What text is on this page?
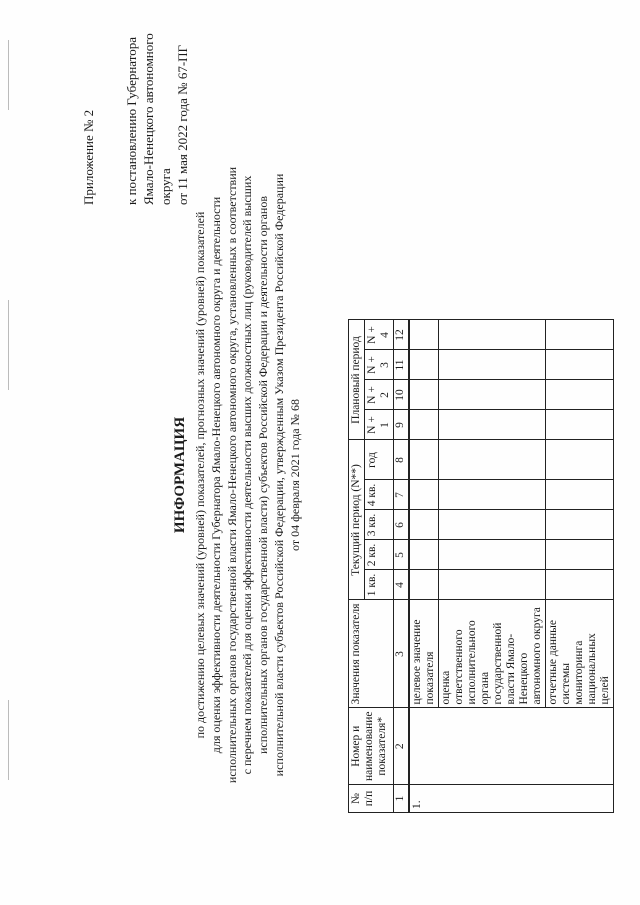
Приложение № 2 к постановлению Губернатора Ямало-Ненецкого автономного округа от 11 мая 2022 года № 67-ПГ
ИНФОРМАЦИЯ по достижению целевых значений (уровней) показателей, прогнозных значений (уровней) показателей для оценки эффективности деятельности Губернатора Ямало-Ненецкого автономного округа и деятельности исполнительных органов государственной власти Ямало-Ненецкого автономного округа, установленных в соответствии с перечнем показателей для оценки эффективности деятельности высших должностных лиц (руководителей высших исполнительных органов государственной власти) субъектов Российской Федерации и деятельности органов исполнительной власти субъектов Российской Федерации, утвержденным Указом Президента Российской Федерации от 04 февраля 2021 года № 68
№ п/п	Номер и наименование показателя*	Значения показателя	Текущий период (N**)					Плановый период			
			1 кв.	2 кв.	3 кв.	4 кв.	год	N + 1	N + 2	N + 3	N + 4
1	2	3	4	5	6	7	8	9	10	11	12
1.		целевое значение показателя									
		оценка ответственного исполнительного органа государственной власти Ямало-Ненецкого автономного округа									
		отчетные данные системы мониторинга национальных целей									
